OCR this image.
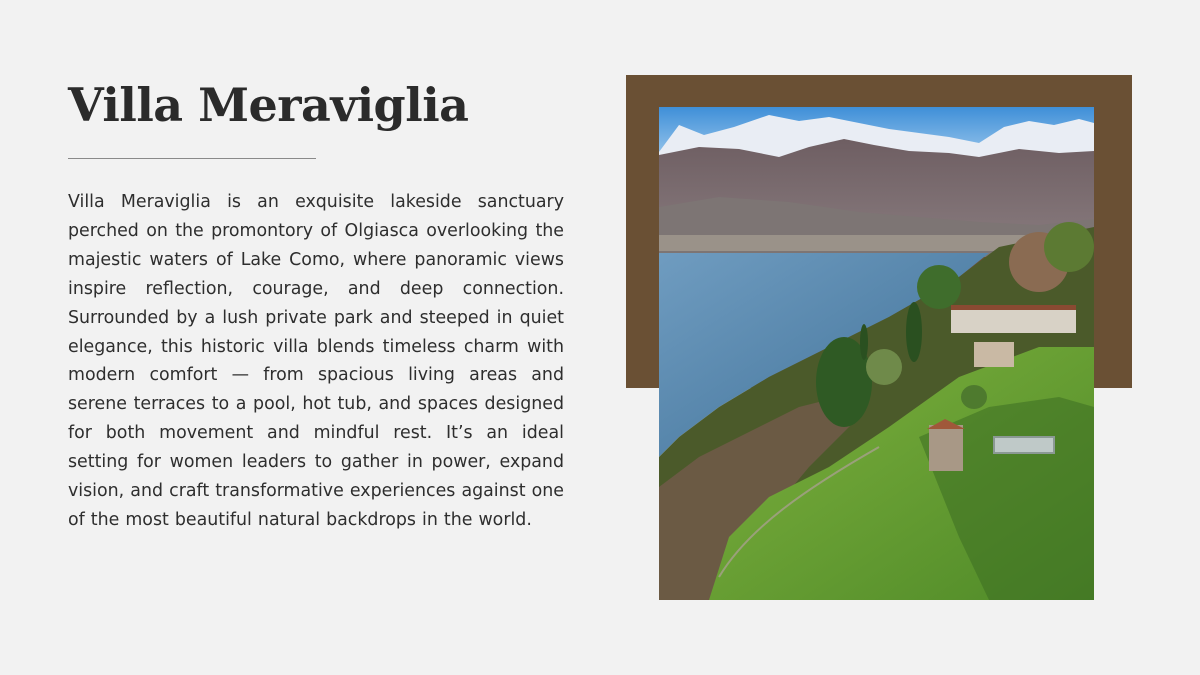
Villa Meraviglia

Villa Meraviglia is an exquisite lakeside sanctuary perched on the promontory of Olgiasca overlooking the majestic waters of Lake Como, where panoramic views inspire reflection, courage, and deep connection. Surrounded by a lush private park and steeped in quiet elegance, this historic villa blends timeless charm with modern comfort — from spacious living areas and serene terraces to a pool, hot tub, and spaces designed for both movement and mindful rest. It’s an ideal setting for women leaders to gather in power, expand vision, and craft transformative experiences against one of the most beautiful natural backdrops in the world.
